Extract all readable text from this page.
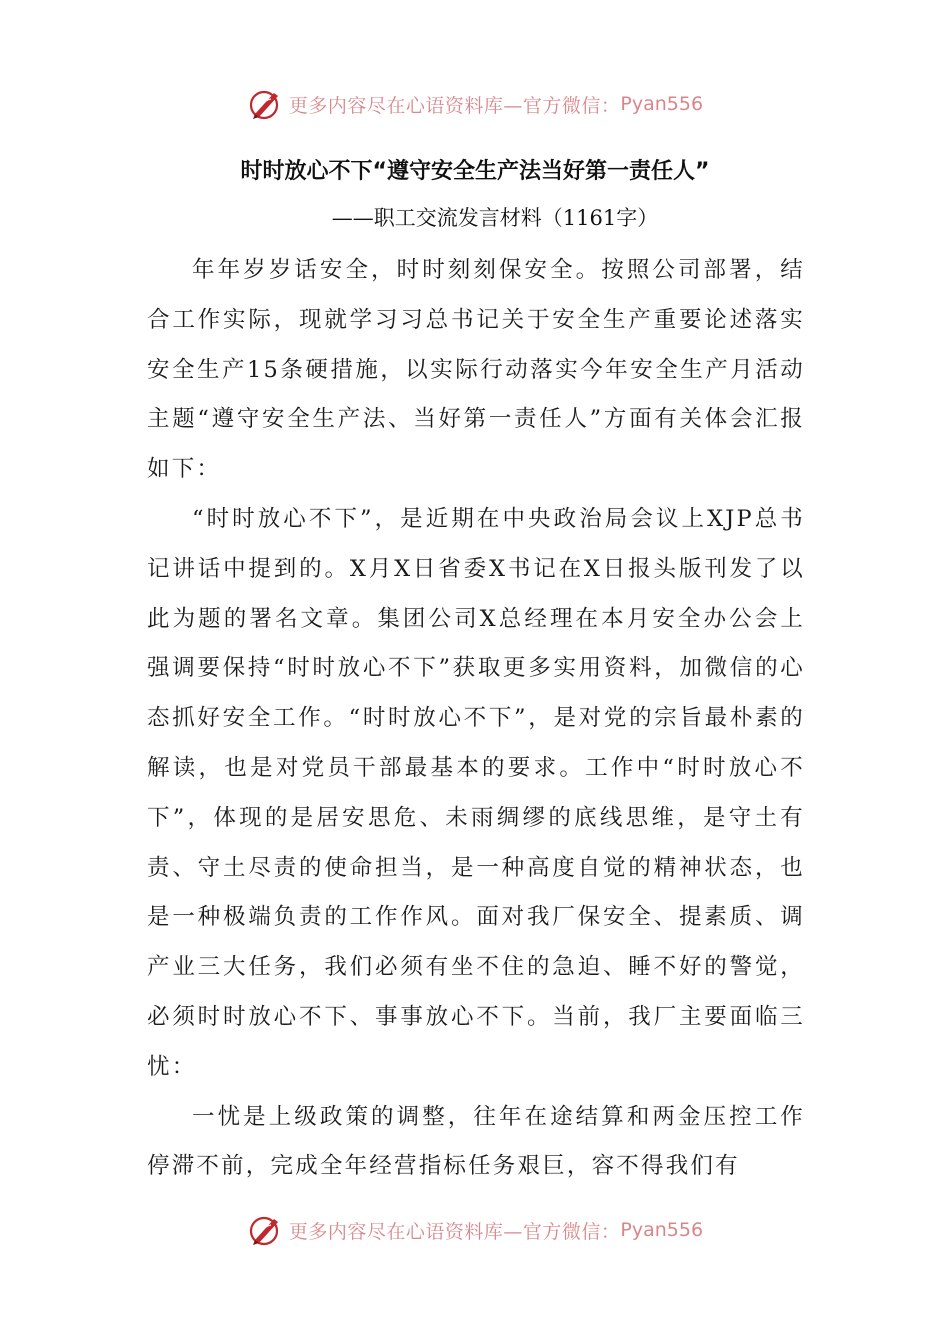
更多内容尽在心语资料库—官方微信： Pyan556
时时放心不下“遵守安全生产法当好第一责任人”
——职工交流发言材料（1161字）

年年岁岁话安全，时时刻刻保安全。按照公司部署，结合工作实际，现就学习习总书记关于安全生产重要论述落实安全生产15条硬措施，以实际行动落实今年安全生产月活动主题“遵守安全生产法、当好第一责任人”方面有关体会汇报如下：

“时时放心不下”，是近期在中央政治局会议上XJP总书记讲话中提到的。X月X日省委X书记在X日报头版刊发了以此为题的署名文章。集团公司X总经理在本月安全办公会上强调要保持“时时放心不下”获取更多实用资料，加微信的心态抓好安全工作。“时时放心不下”，是对党的宗旨最朴素的解读，也是对党员干部最基本的要求。工作中“时时放心不下”，体现的是居安思危、未雨绸缪的底线思维，是守土有责、守土尽责的使命担当，是一种高度自觉的精神状态，也是一种极端负责的工作作风。面对我厂保安全、提素质、调产业三大任务，我们必须有坐不住的急迫、睡不好的警觉，必须时时放心不下、事事放心不下。当前，我厂主要面临三忧：

一忧是上级政策的调整，往年在途结算和两金压控工作停滞不前，完成全年经营指标任务艰巨，容不得我们有

更多内容尽在心语资料库—官方微信： Pyan556
